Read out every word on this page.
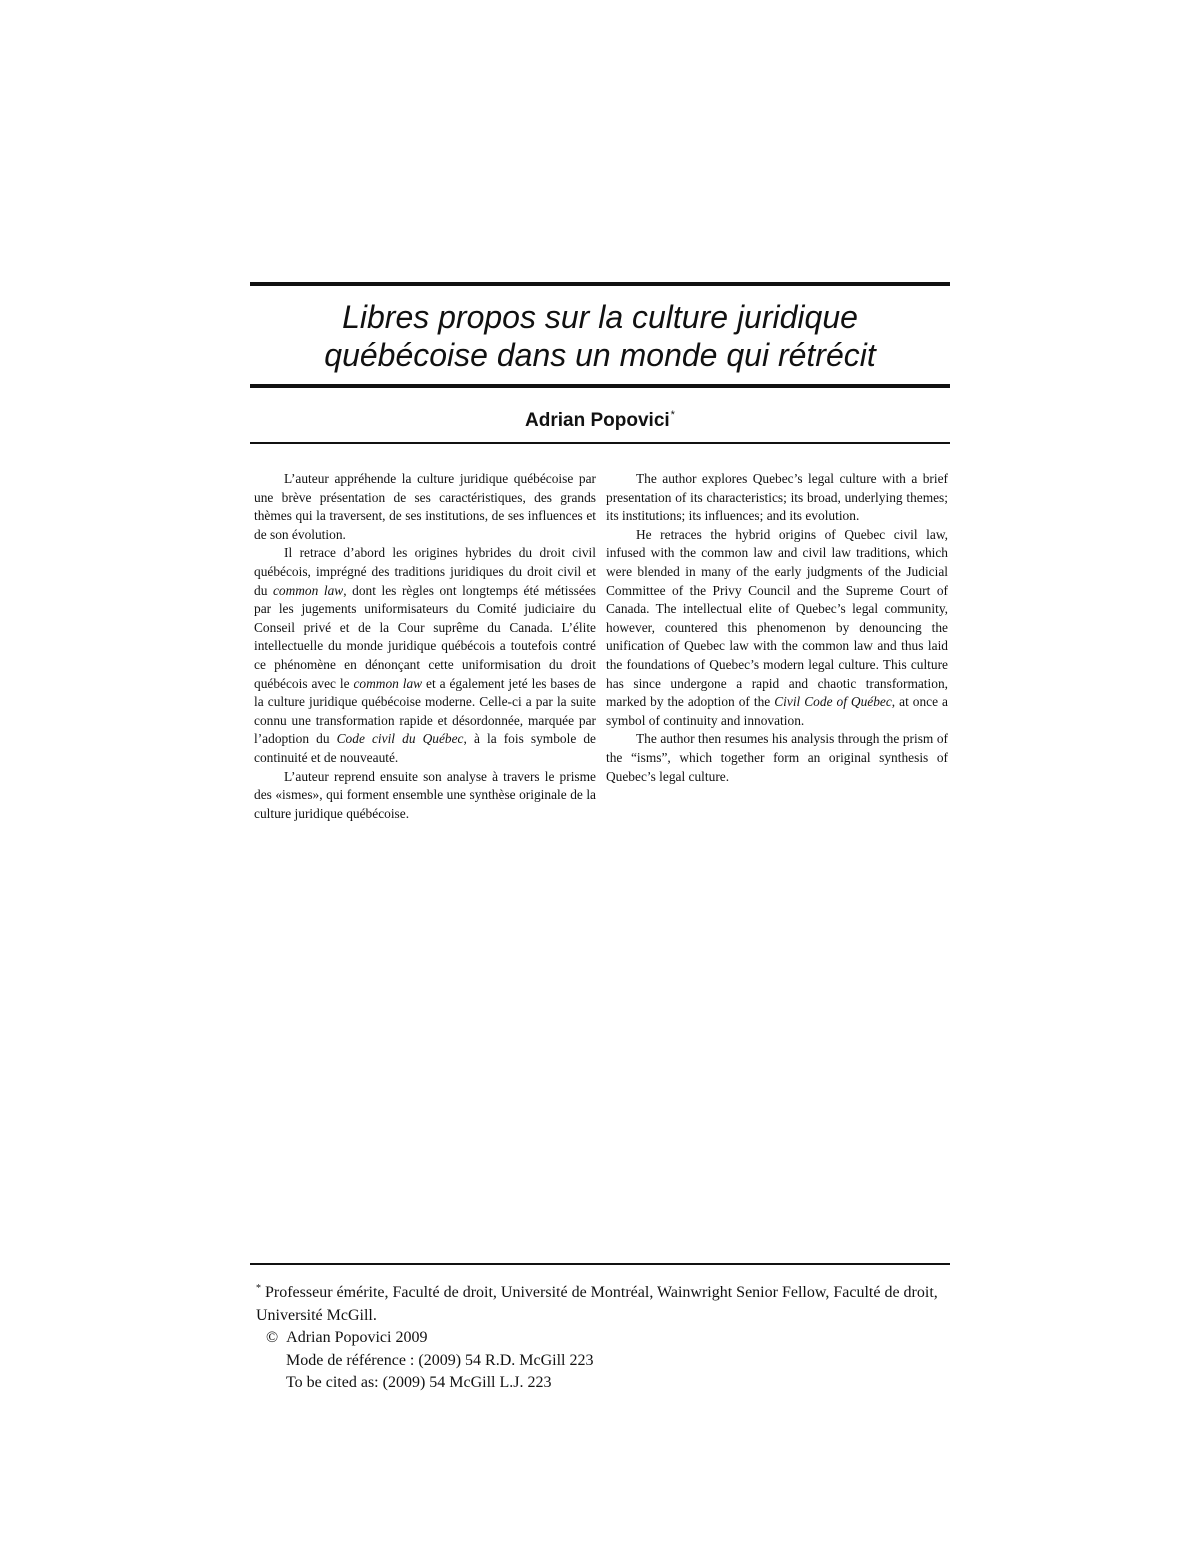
Libres propos sur la culture juridique
québécoise dans un monde qui rétrécit
Adrian Popovici*

L’auteur appréhende la culture juridique québécoise par une brève présentation de ses caractéristiques, des grands thèmes qui la traversent, de ses institutions, de ses influences et de son évolution.

Il retrace d’abord les origines hybrides du droit civil québécois, imprégné des traditions juridiques du droit civil et du common law, dont les règles ont longtemps été métissées par les jugements uniformisateurs du Comité judiciaire du Conseil privé et de la Cour suprême du Canada. L’élite intellectuelle du monde juridique québécois a toutefois contré ce phénomène en dénonçant cette uniformisation du droit québécois avec le common law et a également jeté les bases de la culture juridique québécoise moderne. Celle-ci a par la suite connu une transformation rapide et désordonnée, marquée par l’adoption du Code civil du Québec, à la fois symbole de continuité et de nouveauté.

L’auteur reprend ensuite son analyse à travers le prisme des «ismes», qui forment ensemble une synthèse originale de la culture juridique québécoise.

The author explores Quebec’s legal culture with a brief presentation of its characteristics; its broad, underlying themes; its institutions; its influences; and its evolution.

He retraces the hybrid origins of Quebec civil law, infused with the common law and civil law traditions, which were blended in many of the early judgments of the Judicial Committee of the Privy Council and the Supreme Court of Canada. The intellectual elite of Quebec’s legal community, however, countered this phenomenon by denouncing the unification of Quebec law with the common law and thus laid the foundations of Quebec’s modern legal culture. This culture has since undergone a rapid and chaotic transformation, marked by the adoption of the Civil Code of Québec, at once a symbol of continuity and innovation.

The author then resumes his analysis through the prism of the “isms”, which together form an original synthesis of Quebec’s legal culture.

* Professeur émérite, Faculté de droit, Université de Montréal, Wainwright Senior Fellow, Faculté de droit, Université McGill.

© Adrian Popovici 2009

Mode de référence : (2009) 54 R.D. McGill 223

To be cited as: (2009) 54 McGill L.J. 223
